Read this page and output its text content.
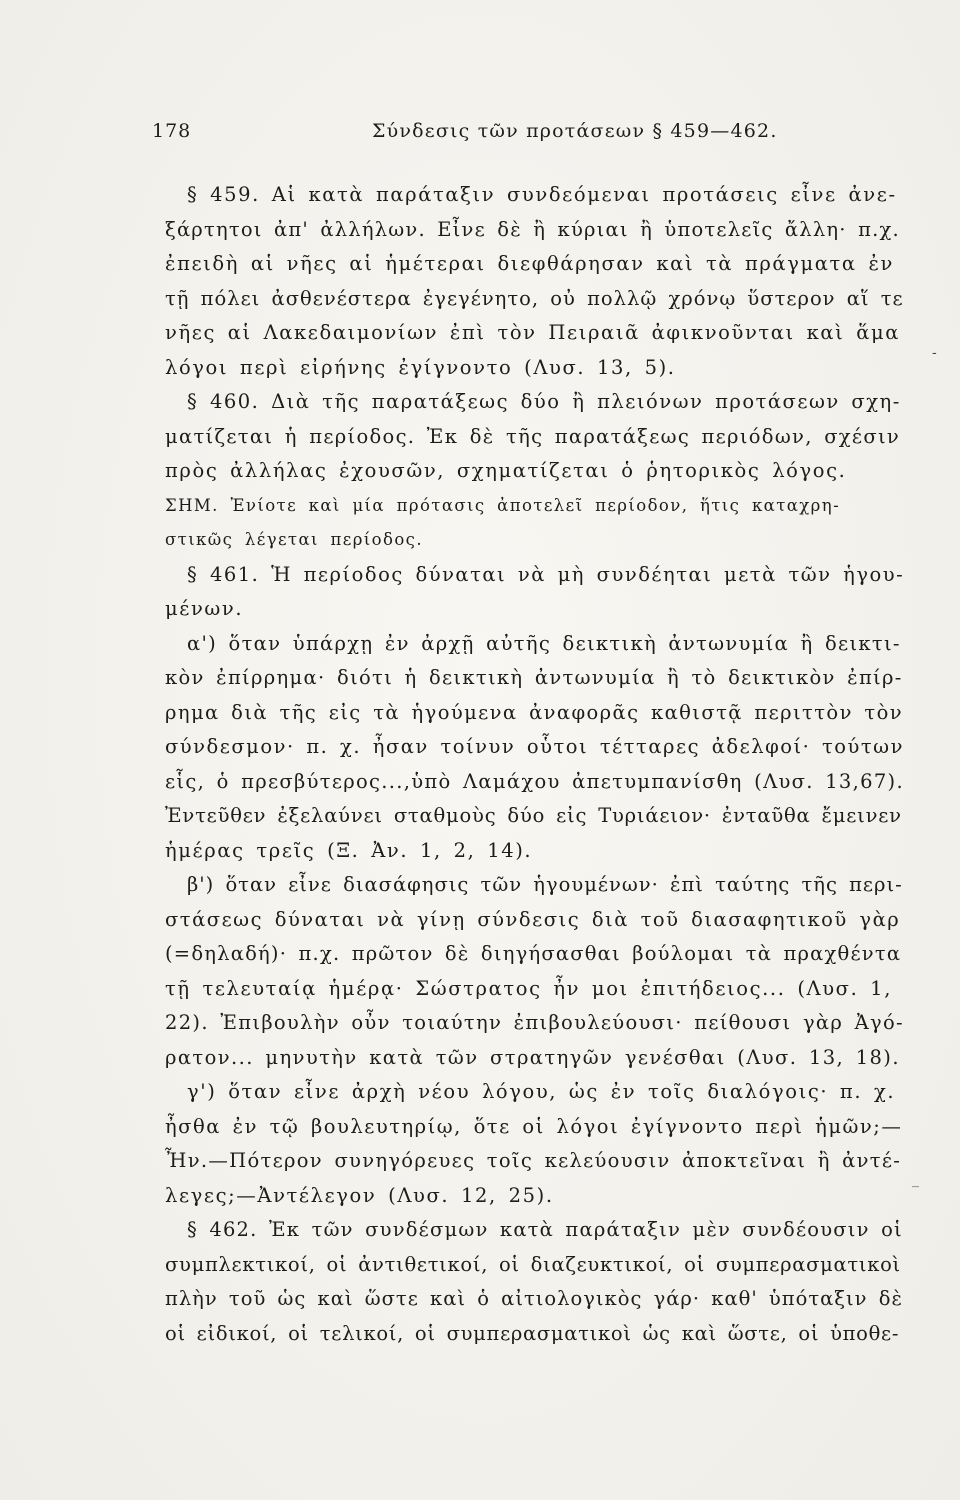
178	Σύνδεσις τῶν προτάσεων § 459—462.
§ 459. Αἱ κατὰ παράταξιν συνδεόμεναι προτάσεις εἶνε ἀνε-
ξάρτητοι ἀπ' ἀλλήλων. Εἶνε δὲ ἢ κύριαι ἢ ὑποτελεῖς ἄλλη· π.χ.
ἐπειδὴ αἱ νῆες αἱ ἡμέτεραι διεφθάρησαν καὶ τὰ πράγματα ἐν
τῇ πόλει ἀσθενέστερα ἐγεγένητο, οὐ πολλῷ χρόνῳ ὕστερον αἵ τε
νῆες αἱ Λακεδαιμονίων ἐπὶ τὸν Πειραιᾶ ἀφικνοῦνται καὶ ἅμα
λόγοι περὶ εἰρήνης ἐγίγνοντο (Λυσ. 13, 5).
§ 460. Διὰ τῆς παρατάξεως δύο ἢ πλειόνων προτάσεων σχη-
ματίζεται ἡ περίοδος. Ἐκ δὲ τῆς παρατάξεως περιόδων, σχέσιν
πρὸς ἀλλήλας ἐχουσῶν, σχηματίζεται ὁ ῥητορικὸς λόγος.
ΣΗΜ. Ἐνίοτε καὶ μία πρότασις ἀποτελεῖ περίοδον, ἥτις καταχρη-
στικῶς λέγεται περίοδος.
§ 461. Ἡ περίοδος δύναται νὰ μὴ συνδέηται μετὰ τῶν ἡγου-
μένων.
α') ὅταν ὑπάρχῃ ἐν ἀρχῇ αὐτῆς δεικτικὴ ἀντωνυμία ἢ δεικτι-
κὸν ἐπίρρημα· διότι ἡ δεικτικὴ ἀντωνυμία ἢ τὸ δεικτικὸν ἐπίρ-
ρημα διὰ τῆς εἰς τὰ ἡγούμενα ἀναφορᾶς καθιστᾷ περιττὸν τὸν
σύνδεσμον· π. χ. ἦσαν τοίνυν οὗτοι τέτταρες ἀδελφοί· τούτων
εἷς, ὁ πρεσβύτερος...,ὑπὸ Λαμάχου ἀπετυμπανίσθη (Λυσ. 13,67).
Ἐντεῦθεν ἐξελαύνει σταθμοὺς δύο εἰς Τυριάειον· ἐνταῦθα ἔμεινεν
ἡμέρας τρεῖς (Ξ. Ἀν. 1, 2, 14).
β') ὅταν εἶνε διασάφησις τῶν ἡγουμένων· ἐπὶ ταύτης τῆς περι-
στάσεως δύναται νὰ γίνῃ σύνδεσις διὰ τοῦ διασαφητικοῦ γὰρ
(=δηλαδή)· π.χ. πρῶτον δὲ διηγήσασθαι βούλομαι τὰ πραχθέντα
τῇ τελευταίᾳ ἡμέρᾳ· Σώστρατος ἦν μοι ἐπιτήδειος... (Λυσ. 1,
22). Ἐπιβουλὴν οὖν τοιαύτην ἐπιβουλεύουσι· πείθουσι γὰρ Ἀγό-
ρατον... μηνυτὴν κατὰ τῶν στρατηγῶν γενέσθαι (Λυσ. 13, 18).
γ') ὅταν εἶνε ἀρχὴ νέου λόγου, ὡς ἐν τοῖς διαλόγοις· π. χ.
ἦσθα ἐν τῷ βουλευτηρίῳ, ὅτε οἱ λόγοι ἐγίγνοντο περὶ ἡμῶν;—
Ἦν.—Πότερον συνηγόρευες τοῖς κελεύουσιν ἀποκτεῖναι ἢ ἀντέ-
λεγες;—Ἀντέλεγον (Λυσ. 12, 25).
§ 462. Ἐκ τῶν συνδέσμων κατὰ παράταξιν μὲν συνδέουσιν οἱ
συμπλεκτικοί, οἱ ἀντιθετικοί, οἱ διαζευκτικοί, οἱ συμπερασματικοὶ
πλὴν τοῦ ὡς καὶ ὥστε καὶ ὁ αἰτιολογικὸς γάρ· καθ' ὑπόταξιν δὲ
οἱ εἰδικοί, οἱ τελικοί, οἱ συμπερασματικοὶ ὡς καὶ ὥστε, οἱ ὑποθε-
-
_
